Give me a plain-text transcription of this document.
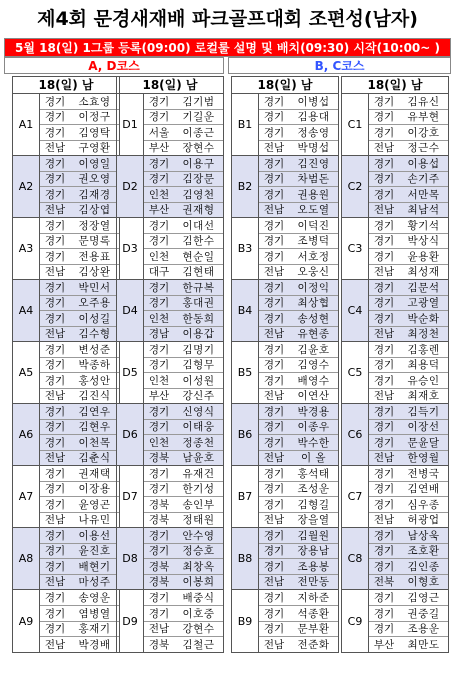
제4회 문경새재배 파크골프대회 조편성(남자)
5월 18(일) 1그룹 등록(09:00) 로컬룰 설명 및 배치(09:30) 시작(10:00~ )
A, D코스	B, C코스
18(일) 남
A1
경기	소효영
경기	이정구
경기	김영탁
전남	구영환
A2
경기	이영일
경기	권오영
경기	김재경
전남	김상엽
A3
경기	정장열
경기	문명록
경기	전용표
전남	김상완
A4
경기	박민서
경기	오주용
경기	이성길
전남	김수형
A5
경기	변성준
경기	박종하
경기	홍성안
전남	김진식
A6
경기	김연우
경기	김현우
경기	이천목
전남	김춘식
A7
경기	권재택
경기	이장용
경기	윤영곤
전남	나유민
A8
경기	이용선
경기	윤진호
경기	배현기
전남	마성주
A9
경기	송영운
경기	염병열
경기	홍재기
전남	박경배
18(일) 남
D1
경기	김기범
경기	기길운
서울	이종근
부산	장현수
D2
경기	이용구
경기	김장문
인천	김영천
부산	권재형
D3
경기	이대선
경기	김한수
인천	현순일
대구	김현태
D4
경기	한규복
경기	홍대권
인천	한동희
경남	이용갑
D5
경기	김명기
경기	김형무
인천	이성원
부산	강신주
D6
경기	신영식
경기	이태웅
인천	정종천
경북	남윤호
D7
경기	유재건
경기	한기성
경북	송인부
경북	정태원
D8
경기	안수영
경기	정승호
경북	최창옥
경북	이봉희
D9
경기	배중식
경기	이호중
전남	강현수
경북	김철근
18(일) 남
B1
경기	이병섭
경기	김용대
경기	정송영
전남	박명섭
B2
경기	김진영
경기	차범돈
경기	권용원
전남	오도열
B3
경기	이덕진
경기	조병덕
경기	서호정
전남	오웅신
B4
경기	이정익
경기	최상협
경기	송성현
전남	유현종
B5
경기	김윤호
경기	김영수
경기	배영수
전남	이연산
B6
경기	박경용
경기	이종우
경기	박수한
전남	이 올
B7
경기	홍석태
경기	조성운
경기	김형길
전남	장을열
B8
경기	김월원
경기	장용남
경기	조용봉
전남	전만동
B9
경기	지하준
경기	석종환
경기	문부환
전남	전준화
18(일) 남
C1
경기	김유신
경기	유부현
경기	이강호
전남	정근수
C2
경기	이용섭
경기	손기주
경기	서만목
전남	최남석
C3
경기	황기석
경기	박상식
경기	윤용환
전남	최성재
C4
경기	김문석
경기	고광열
경기	박순화
전남	최정천
C5
경기	김홍렌
경기	최용덕
경기	유승인
전남	최재호
C6
경기	김득기
경기	이장선
경기	문윤달
전남	한영월
C7
경기	전병국
경기	김연배
경기	심우종
전남	허광업
C8
경기	남상욱
경기	조호환
경기	김인종
전북	이형호
C9
경기	김영근
경기	권중길
경기	조용운
부산	최만도
